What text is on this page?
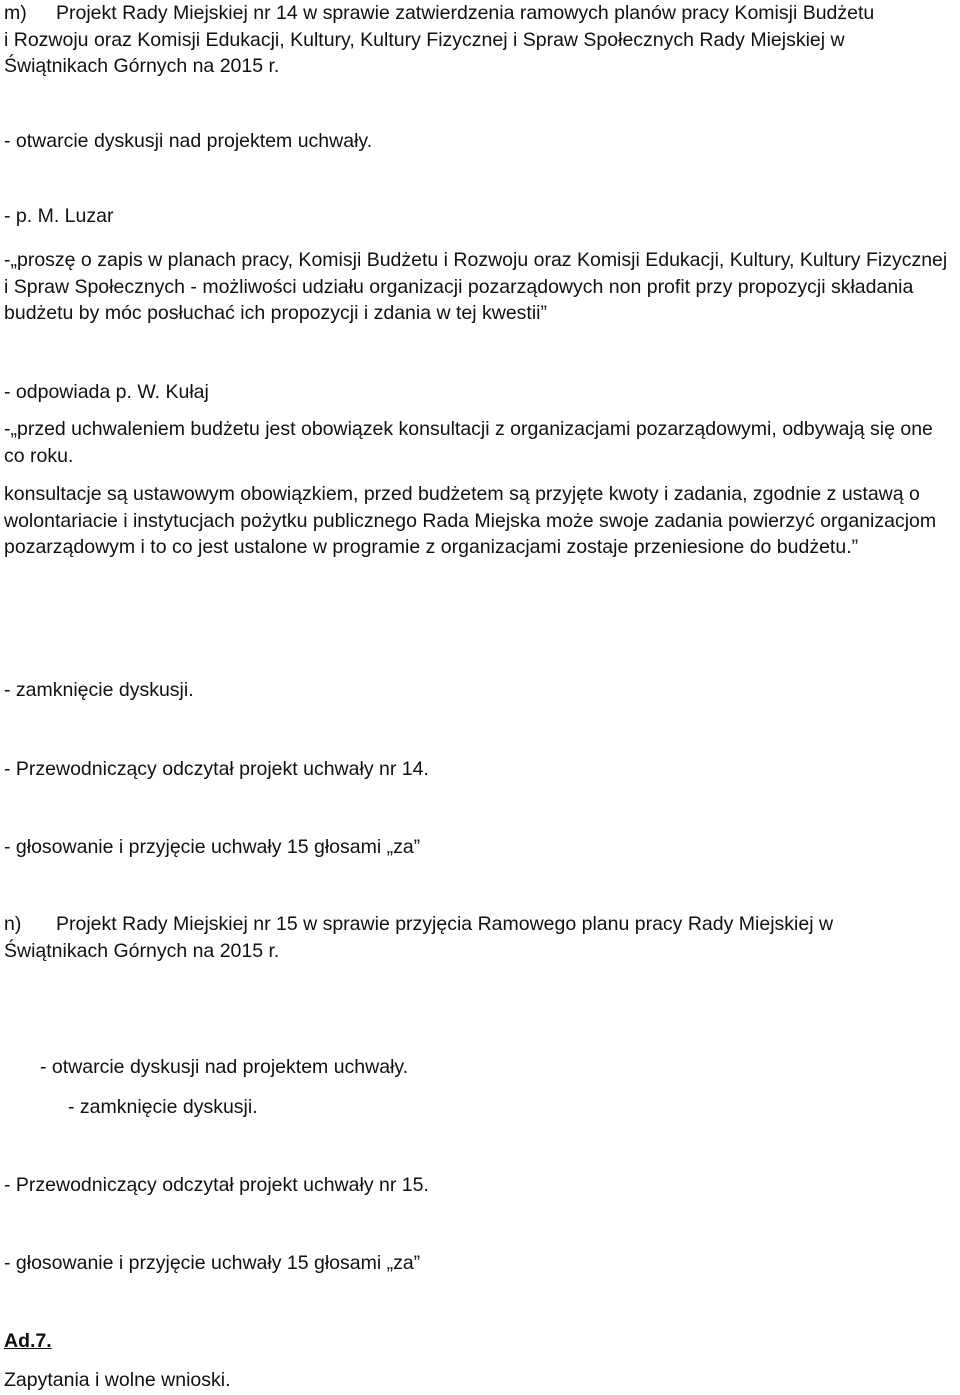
m)	Projekt Rady Miejskiej nr 14 w sprawie zatwierdzenia ramowych planów pracy Komisji Budżetu
i Rozwoju oraz Komisji Edukacji, Kultury, Kultury Fizycznej i Spraw Społecznych Rady Miejskiej w Świątnikach Górnych na 2015 r.

- otwarcie dyskusji nad projektem uchwały.

- p. M. Luzar

-„proszę o zapis w planach pracy, Komisji Budżetu i Rozwoju oraz Komisji Edukacji, Kultury, Kultury Fizycznej i Spraw Społecznych - możliwości udziału organizacji pozarządowych non profit przy propozycji składania budżetu by móc posłuchać ich propozycji i zdania w tej kwestii”

- odpowiada p. W. Kułaj

-„przed uchwaleniem budżetu jest obowiązek konsultacji z organizacjami pozarządowymi, odbywają się one co roku.

konsultacje są ustawowym obowiązkiem, przed budżetem są przyjęte kwoty i zadania, zgodnie z ustawą o wolontariacie i instytucjach pożytku publicznego Rada Miejska może swoje zadania powierzyć organizacjom pozarządowym i to co jest ustalone w programie z organizacjami zostaje przeniesione do budżetu.”

- zamknięcie dyskusji.

- Przewodniczący odczytał projekt uchwały nr 14.

- głosowanie i przyjęcie uchwały 15 głosami „za”

n)	Projekt Rady Miejskiej nr 15 w sprawie przyjęcia Ramowego planu pracy Rady Miejskiej w
Świątnikach Górnych na 2015 r.

- otwarcie dyskusji nad projektem uchwały.

- zamknięcie dyskusji.

- Przewodniczący odczytał projekt uchwały nr 15.

- głosowanie i przyjęcie uchwały 15 głosami „za”

Ad.7.

Zapytania i wolne wnioski.
